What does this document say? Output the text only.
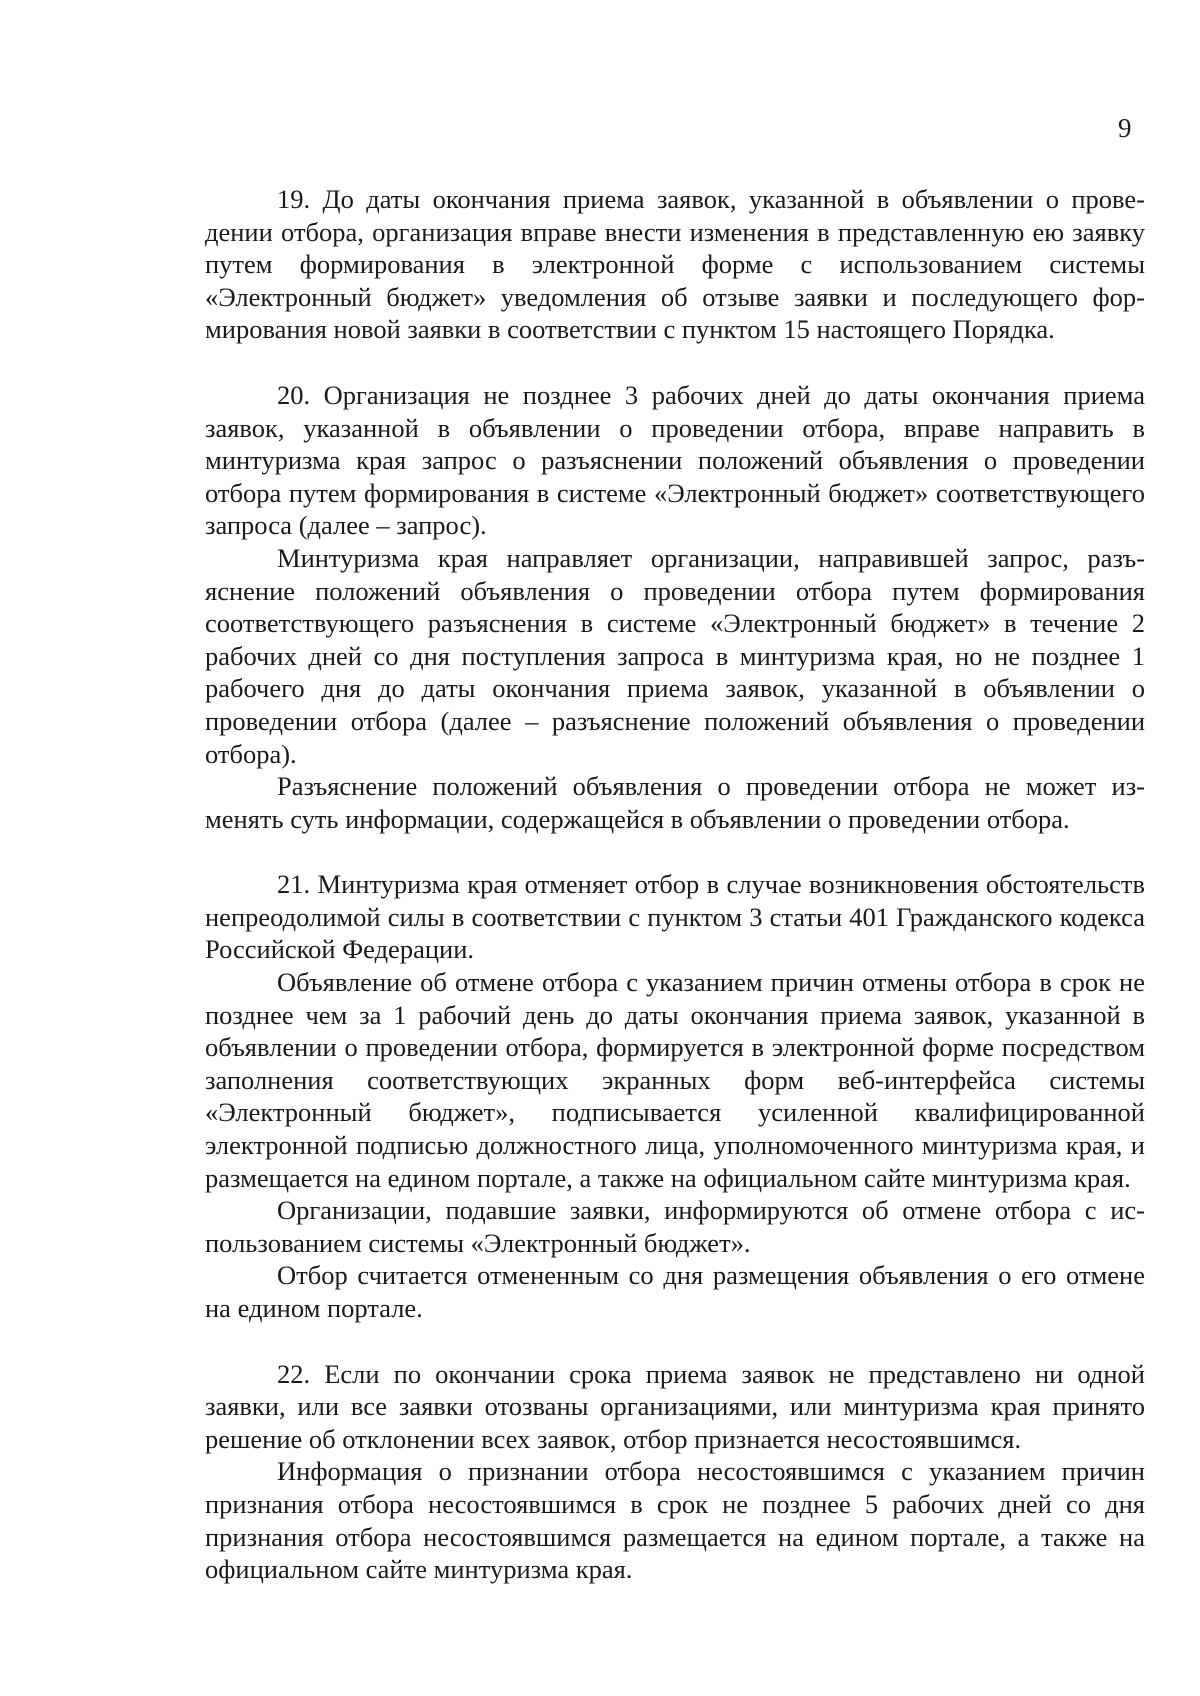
9

19. До даты окончания приема заявок, указанной в объявлении о проведении отбора, организация вправе внести изменения в представленную ею заявку путем формирования в электронной форме с использованием системы «Электронный бюджет» уведомления об отзыве заявки и последующего формирования новой заявки в соответствии с пунктом 15 настоящего Порядка.

20. Организация не позднее 3 рабочих дней до даты окончания приема заявок, указанной в объявлении о проведении отбора, вправе направить в минтуризма края запрос о разъяснении положений объявления о проведении отбора путем формирования в системе «Электронный бюджет» соответствующего запроса (далее – запрос).

Минтуризма края направляет организации, направившей запрос, разъяснение положений объявления о проведении отбора путем формирования соответствующего разъяснения в системе «Электронный бюджет» в течение 2 рабочих дней со дня поступления запроса в минтуризма края, но не позднее 1 рабочего дня до даты окончания приема заявок, указанной в объявлении о проведении отбора (далее – разъяснение положений объявления о проведении отбора).

Разъяснение положений объявления о проведении отбора не может изменять суть информации, содержащейся в объявлении о проведении отбора.

21. Минтуризма края отменяет отбор в случае возникновения обстоятельств непреодолимой силы в соответствии с пунктом 3 статьи 401 Гражданского кодекса Российской Федерации.

Объявление об отмене отбора с указанием причин отмены отбора в срок не позднее чем за 1 рабочий день до даты окончания приема заявок, указанной в объявлении о проведении отбора, формируется в электронной форме посредством заполнения соответствующих экранных форм веб-интерфейса системы «Электронный бюджет», подписывается усиленной квалифицированной электронной подписью должностного лица, уполномоченного минтуризма края, и размещается на едином портале, а также на официальном сайте минтуризма края.

Организации, подавшие заявки, информируются об отмене отбора с использованием системы «Электронный бюджет».

Отбор считается отмененным со дня размещения объявления о его отмене на едином портале.

22. Если по окончании срока приема заявок не представлено ни одной заявки, или все заявки отозваны организациями, или минтуризма края принято решение об отклонении всех заявок, отбор признается несостоявшимся.

Информация о признании отбора несостоявшимся с указанием причин признания отбора несостоявшимся в срок не позднее 5 рабочих дней со дня признания отбора несостоявшимся размещается на едином портале, а также на официальном сайте минтуризма края.
